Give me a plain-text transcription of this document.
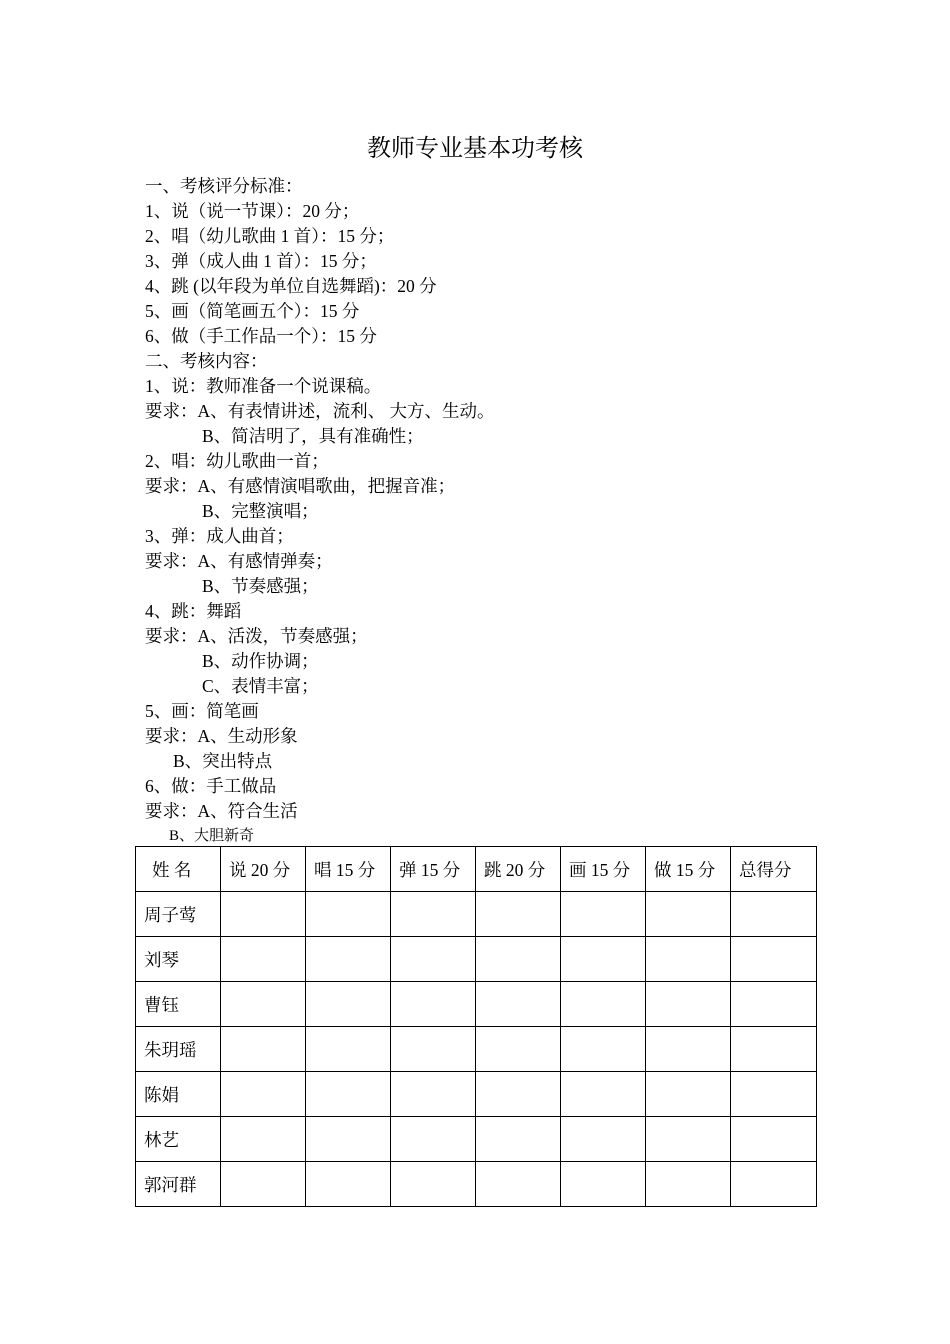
教师专业基本功考核
一、考核评分标准：
1、说（说一节课）：20 分；
2、唱（幼儿歌曲 1 首）：15 分；
3、弹（成人曲 1 首）：15 分；
4、跳 (以年段为单位自选舞蹈)：20 分
5、画（简笔画五个）：15 分
6、做（手工作品一个）：15 分
二、考核内容：
1、说：教师准备一个说课稿。
要求：A、有表情讲述，流利、 大方、生动。
B、简洁明了，具有准确性；
2、唱：幼儿歌曲一首；
要求：A、有感情演唱歌曲，把握音准；
B、完整演唱；
3、弹：成人曲首；
要求：A、有感情弹奏；
B、节奏感强；
4、跳：舞蹈
要求：A、活泼，节奏感强；
B、动作协调；
C、表情丰富；
5、画：简笔画
要求：A、生动形象
B、突出特点
6、做：手工做品
要求：A、符合生活
B、大胆新奇
姓 名	说 20 分	唱 15 分	弹 15 分	跳 20 分	画 15 分	做 15 分	总得分
周子莺							
刘琴							
曹钰							
朱玥瑶							
陈娟							
林艺							
郭河群							
